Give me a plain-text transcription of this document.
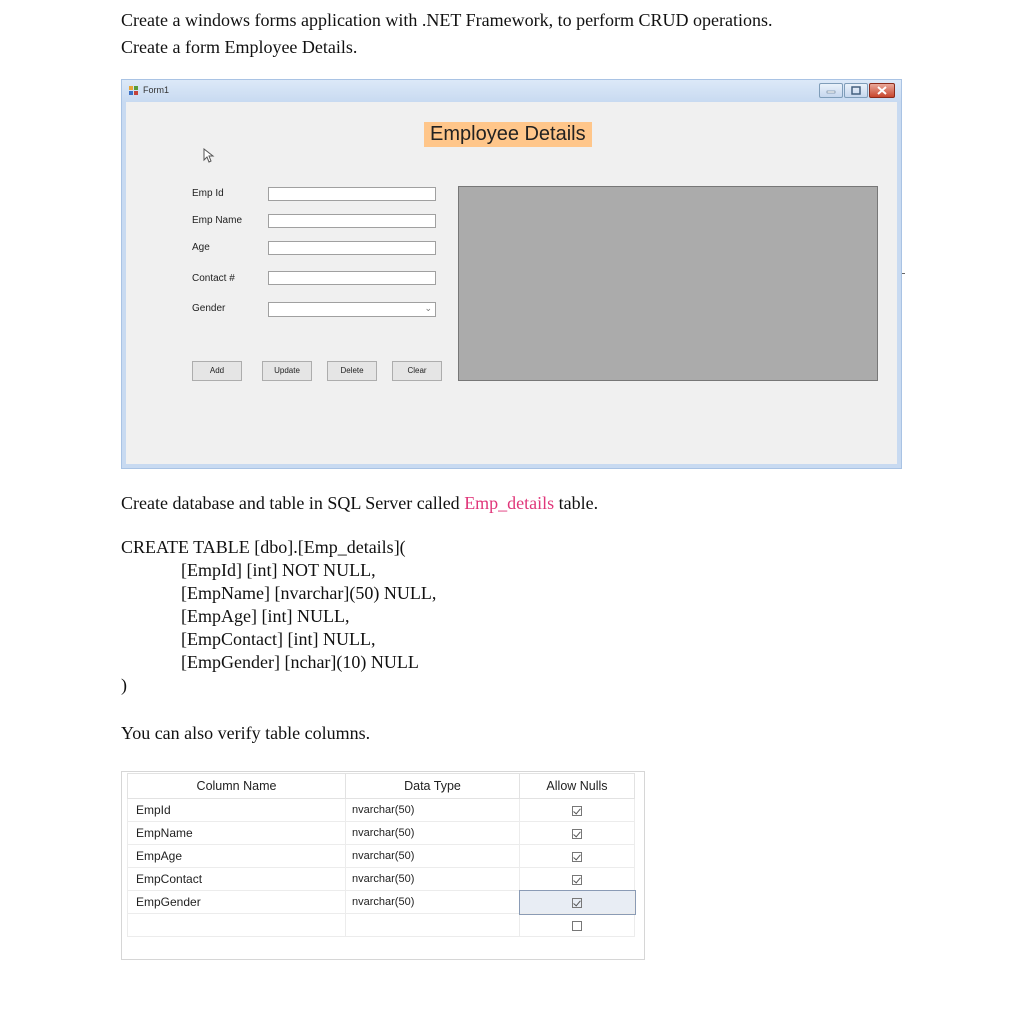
Create a windows forms application with .NET Framework, to perform CRUD operations.

Create a form Employee Details.

Form1
Employee Details
Emp Id
Emp Name
Age
Contact #
Gender	⌄
Add	Update	Delete	Clear

Create database and table in SQL Server called Emp_details table.

CREATE TABLE [dbo].[Emp_details](

[EmpId] [int] NOT NULL,

[EmpName] [nvarchar](50) NULL,

[EmpAge] [int] NULL,

[EmpContact] [int] NULL,

[EmpGender] [nchar](10) NULL

)

You can also verify table columns.

Column Name	Data Type	Allow Nulls
EmpId	nvarchar(50)	
EmpName	nvarchar(50)	
EmpAge	nvarchar(50)	
EmpContact	nvarchar(50)	
EmpGender	nvarchar(50)	
